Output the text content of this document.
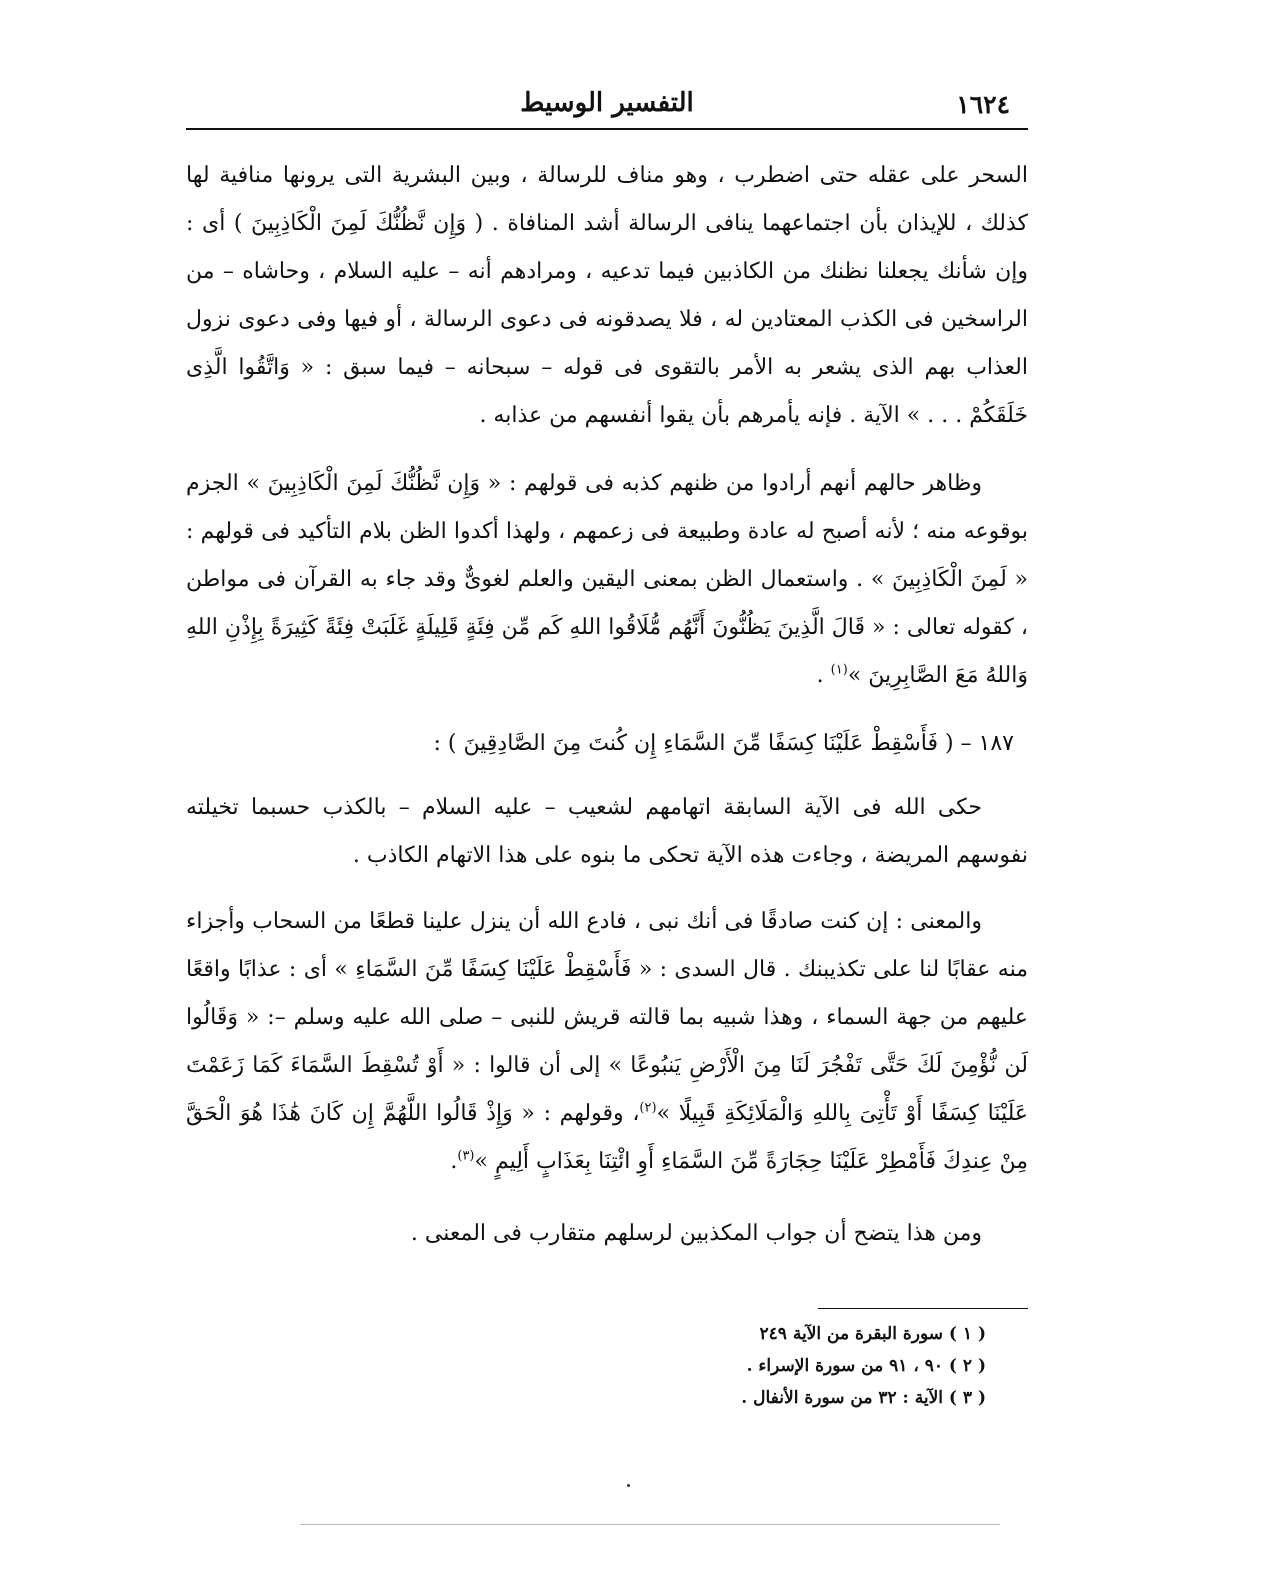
١٦٢٤
التفسير الوسيط

السحر على عقله حتى اضطرب ، وهو مناف للرسالة ، وبين البشرية التى يرونها منافية لها كذلك ، للإيذان بأن اجتماعهما ينافى الرسالة أشد المنافاة . ( وَإِن نَّظُنُّكَ لَمِنَ الْكَاذِبِينَ ) أى : وإن شأنك يجعلنا نظنك من الكاذبين فيما تدعيه ، ومرادهم أنه – عليه السلام ، وحاشاه – من الراسخين فى الكذب المعتادين له ، فلا يصدقونه فى دعوى الرسالة ، أو فيها وفى دعوى نزول العذاب بهم الذى يشعر به الأمر بالتقوى فى قوله – سبحانه – فيما سبق : « وَاتَّقُوا الَّذِى خَلَقَكُمْ . . . » الآية . فإنه يأمرهم بأن يقوا أنفسهم من عذابه .

وظاهر حالهم أنهم أرادوا من ظنهم كذبه فى قولهم : « وَإِن نَّظُنُّكَ لَمِنَ الْكَاذِبِينَ » الجزم بوقوعه منه ؛ لأنه أصبح له عادة وطبيعة فى زعمهم ، ولهذا أكدوا الظن بلام التأكيد فى قولهم : « لَمِنَ الْكَاذِبِينَ » . واستعمال الظن بمعنى اليقين والعلم لغوىٌّ وقد جاء به القرآن فى مواطن ، كقوله تعالى : « قَالَ الَّذِينَ يَظُنُّونَ أَنَّهُم مُّلَاقُوا اللهِ كَم مِّن فِئَةٍ قَلِيلَةٍ غَلَبَتْ فِئَةً كَثِيرَةً بِإِذْنِ اللهِ وَاللهُ مَعَ الصَّابِرِينَ »$^{(١)}$ .

١٨٧ – ( فَأَسْقِطْ عَلَيْنَا كِسَفًا مِّنَ السَّمَاءِ إِن كُنتَ مِنَ الصَّادِقِينَ ) :

حكى الله فى الآية السابقة اتهامهم لشعيب – عليه السلام – بالكذب حسبما تخيلته نفوسهم المريضة ، وجاءت هذه الآية تحكى ما بنوه على هذا الاتهام الكاذب .

والمعنى : إن كنت صادقًا فى أنك نبى ، فادع الله أن ينزل علينا قطعًا من السحاب وأجزاء منه عقابًا لنا على تكذيبنك . قال السدى : « فَأَسْقِطْ عَلَيْنَا كِسَفًا مِّنَ السَّمَاءِ » أى : عذابًا واقعًا عليهم من جهة السماء ، وهذا شبيه بما قالته قريش للنبى – صلى الله عليه وسلم –: « وَقَالُوا لَن نُّؤْمِنَ لَكَ حَتَّى تَفْجُرَ لَنَا مِنَ الْأَرْضِ يَنبُوعًا » إلى أن قالوا : « أَوْ تُسْقِطَ السَّمَاءَ كَمَا زَعَمْتَ عَلَيْنَا كِسَفًا أَوْ تَأْتِىَ بِاللهِ وَالْمَلَائِكَةِ قَبِيلًا »$^{(٢)}$، وقولهم : « وَإِذْ قَالُوا اللَّهُمَّ إِن كَانَ هَٰذَا هُوَ الْحَقَّ مِنْ عِندِكَ فَأَمْطِرْ عَلَيْنَا حِجَارَةً مِّنَ السَّمَاءِ أَوِ ائْتِنَا بِعَذَابٍ أَلِيمٍ »$^{(٣)}$.

ومن هذا يتضح أن جواب المكذبين لرسلهم متقارب فى المعنى .

( ١ ) سورة البقرة من الآية ٢٤٩
( ٢ ) ٩٠ ، ٩١ من سورة الإسراء .
( ٣ ) الآية : ٣٢ من سورة الأنفال .
